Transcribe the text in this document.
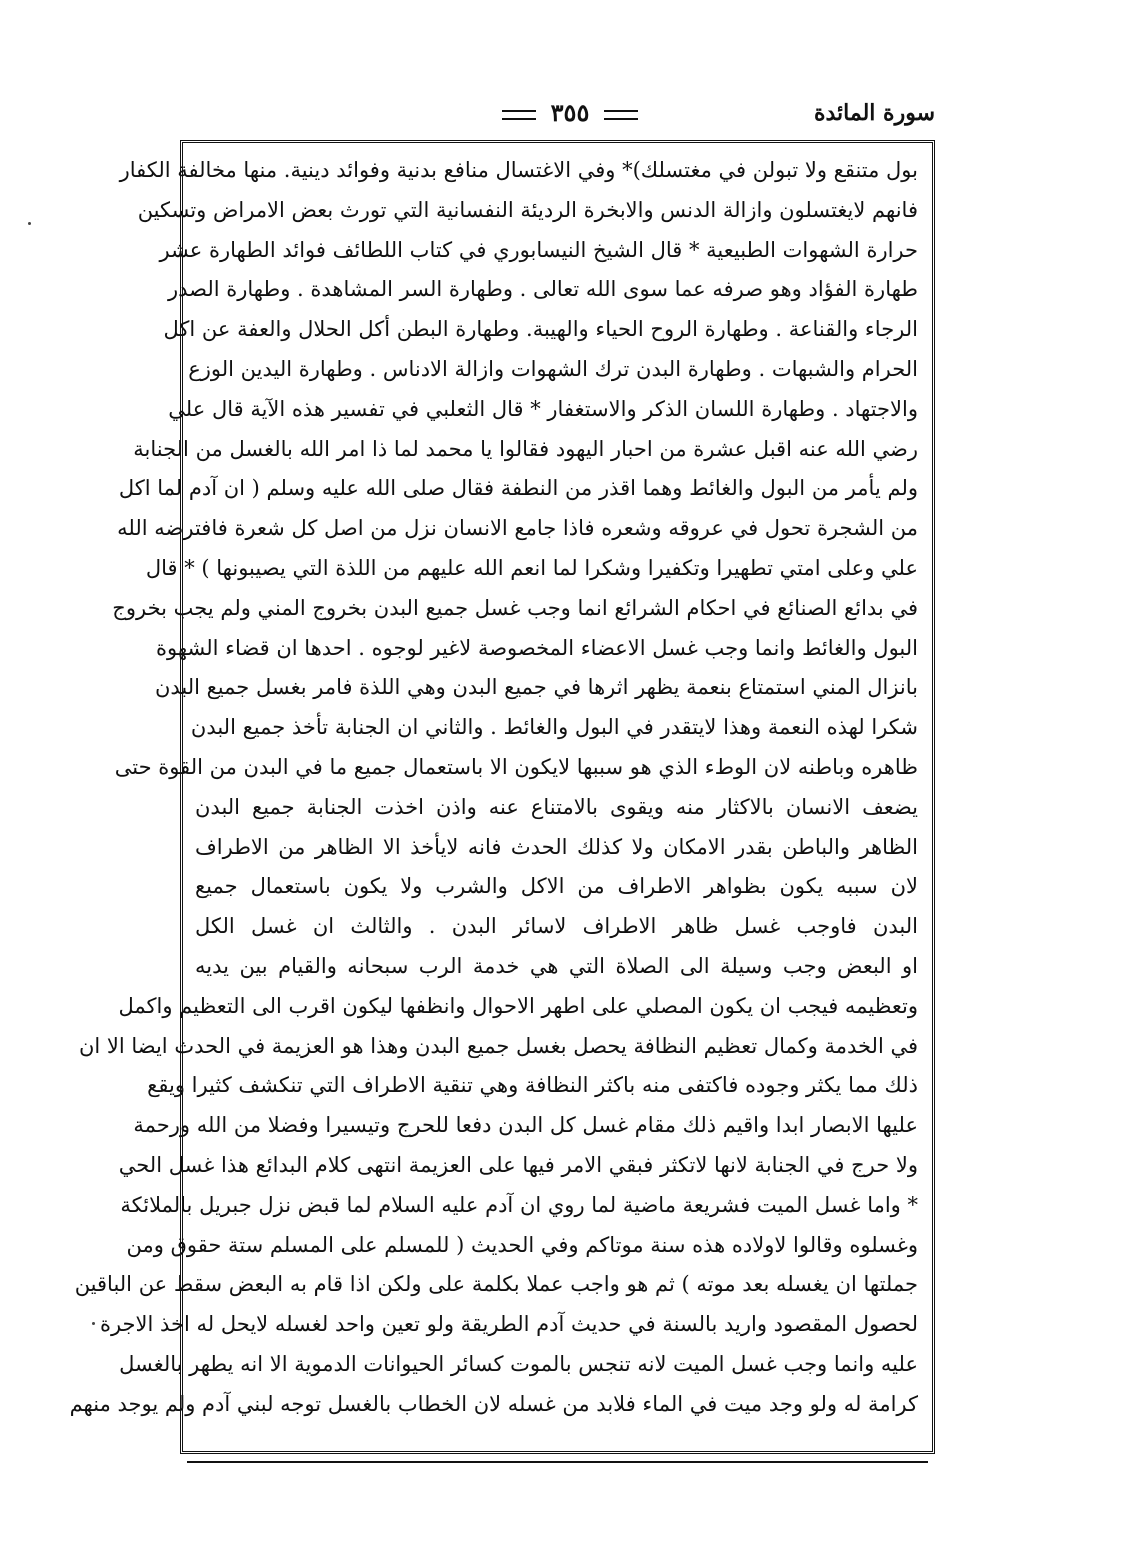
سورة المائدة
٣٥٥
بول متنقع ولا تبولن في مغتسلك)* وفي الاغتسال منافع بدنية وفوائد دينية. منها مخالفة الكفار
فانهم لايغتسلون وازالة الدنس والابخرة الرديئة النفسانية التي تورث بعض الامراض وتسكين
حرارة الشهوات الطبيعية * قال الشيخ النيسابوري في كتاب اللطائف فوائد الطهارة عشر
طهارة الفؤاد وهو صرفه عما سوى الله تعالى . وطهارة السر المشاهدة . وطهارة الصدر
الرجاء والقناعة . وطهارة الروح الحياء والهيبة. وطهارة البطن أكل الحلال والعفة عن اكل
الحرام والشبهات . وطهارة البدن ترك الشهوات وازالة الادناس . وطهارة اليدين الوزع
والاجتهاد . وطهارة اللسان الذكر والاستغفار * قال الثعلبي في تفسير هذه الآية قال علي
رضي الله عنه اقبل عشرة من احبار اليهود فقالوا يا محمد لما ذا امر الله بالغسل من الجنابة
ولم يأمر من البول والغائط وهما اقذر من النطفة فقال صلى الله عليه وسلم ( ان آدم لما اكل
من الشجرة تحول في عروقه وشعره فاذا جامع الانسان نزل من اصل كل شعرة فافترضه الله
علي وعلى امتي تطهيرا وتكفيرا وشكرا لما انعم الله عليهم من اللذة التي يصيبونها ) * قال
في بدائع الصنائع في احكام الشرائع انما وجب غسل جميع البدن بخروج المني ولم يجب بخروج
البول والغائط وانما وجب غسل الاعضاء المخصوصة لاغير لوجوه . احدها ان قضاء الشهوة
بانزال المني استمتاع بنعمة يظهر اثرها في جميع البدن وهي اللذة فامر بغسل جميع البدن
شكرا لهذه النعمة وهذا لايتقدر في البول والغائط . والثاني ان الجنابة تأخذ جميع البدن
ظاهره وباطنه لان الوطء الذي هو سببها لايكون الا باستعمال جميع ما في البدن من القوة حتى
يضعف الانسان بالاكثار منه ويقوى بالامتناع عنه واذن اخذت الجنابة جميع البدن
الظاهر والباطن بقدر الامكان ولا كذلك الحدث فانه لايأخذ الا الظاهر من الاطراف
لان سببه يكون بظواهر الاطراف من الاكل والشرب ولا يكون باستعمال جميع
البدن فاوجب غسل ظاهر الاطراف لاسائر البدن . والثالث ان غسل الكل
او البعض وجب وسيلة الى الصلاة التي هي خدمة الرب سبحانه والقيام بين يديه
وتعظيمه فيجب ان يكون المصلي على اطهر الاحوال وانظفها ليكون اقرب الى التعظيم واكمل
في الخدمة وكمال تعظيم النظافة يحصل بغسل جميع البدن وهذا هو العزيمة في الحدث ايضا الا ان
ذلك مما يكثر وجوده فاكتفى منه باكثر النظافة وهي تنقية الاطراف التي تنكشف كثيرا ويقع
عليها الابصار ابدا واقيم ذلك مقام غسل كل البدن دفعا للحرج وتيسيرا وفضلا من الله ورحمة
ولا حرج في الجنابة لانها لاتكثر فبقي الامر فيها على العزيمة انتهى كلام البدائع هذا غسل الحي
* واما غسل الميت فشريعة ماضية لما روي ان آدم عليه السلام لما قبض نزل جبريل بالملائكة
وغسلوه وقالوا لاولاده هذه سنة موتاكم وفي الحديث ( للمسلم على المسلم ستة حقوق ومن
جملتها ان يغسله بعد موته ) ثم هو واجب عملا بكلمة على ولكن اذا قام به البعض سقط عن الباقين
لحصول المقصود واريد بالسنة في حديث آدم الطريقة ولو تعين واحد لغسله لايحل له اخذ الاجرة
عليه وانما وجب غسل الميت لانه تنجس بالموت كسائر الحيوانات الدموية الا انه يطهر بالغسل
كرامة له ولو وجد ميت في الماء فلابد من غسله لان الخطاب بالغسل توجه لبني آدم ولم يوجد منهم
